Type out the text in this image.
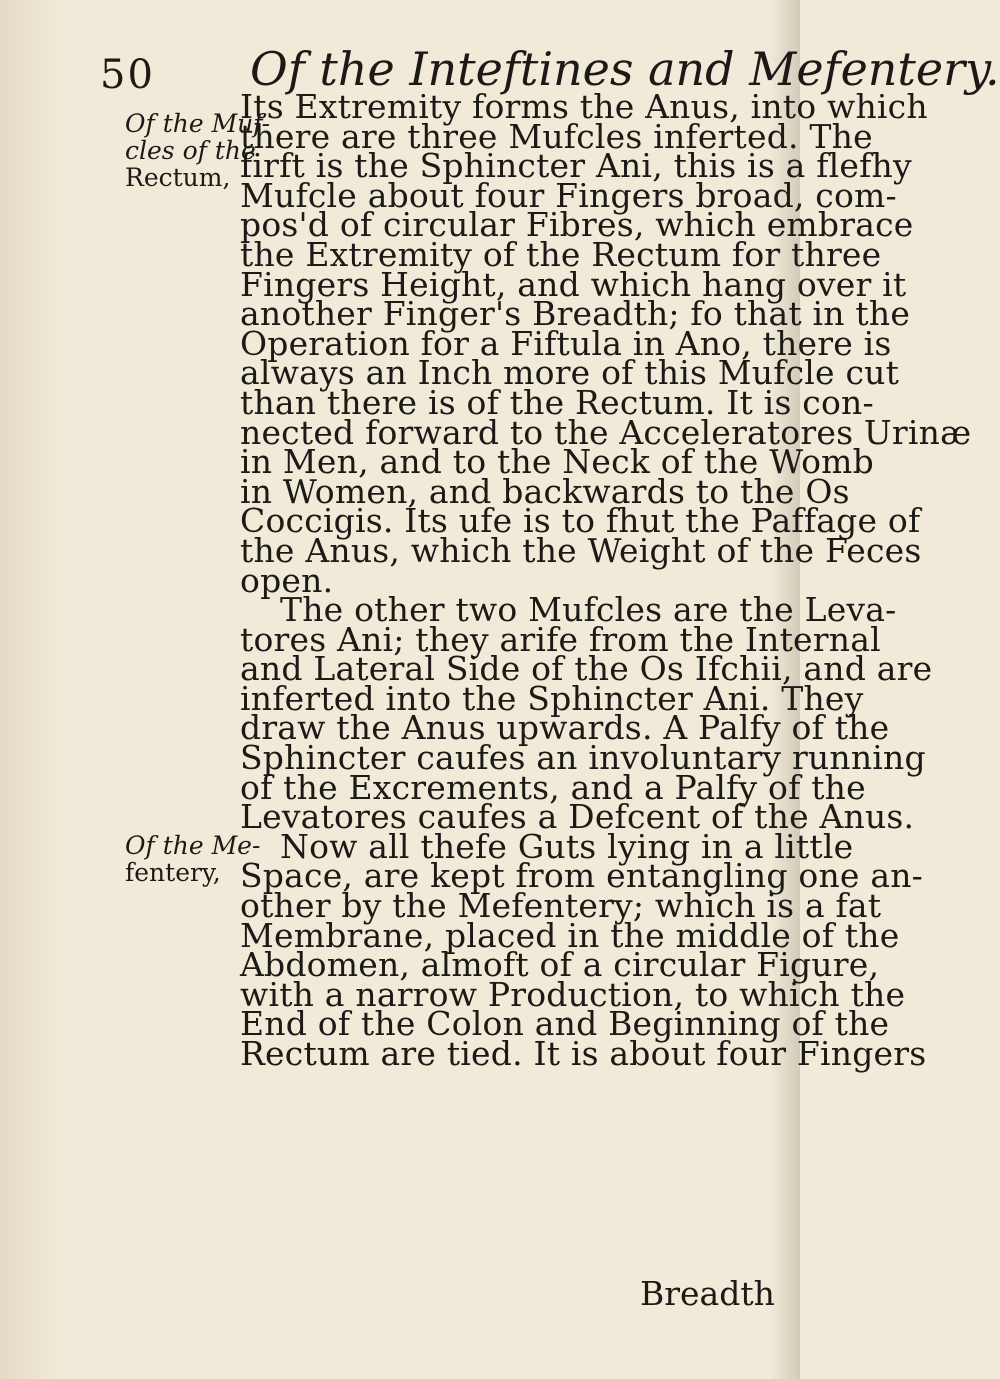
50 Of the Inteftines and Mefentery.
Of the Muf-
cles of the
Rectum,
Of the Me-
fentery,
Its Extremity forms the Anus, into which
there are three Mufcles inferted. The
firft is the Sphincter Ani, this is a flefhy
Mufcle about four Fingers broad, com-
pos'd of circular Fibres, which embrace
the Extremity of the Rectum for three
Fingers Height, and which hang over it
another Finger's Breadth; fo that in the
Operation for a Fiftula in Ano, there is
always an Inch more of this Mufcle cut
than there is of the Rectum. It is con-
nected forward to the Acceleratores Urinæ
in Men, and to the Neck of the Womb
in Women, and backwards to the Os
Coccigis. Its ufe is to fhut the Paffage of
the Anus, which the Weight of the Feces
open.
The other two Mufcles are the Leva-
tores Ani; they arife from the Internal
and Lateral Side of the Os Ifchii, and are
inferted into the Sphincter Ani. They
draw the Anus upwards. A Palfy of the
Sphincter caufes an involuntary running
of the Excrements, and a Palfy of the
Levatores caufes a Defcent of the Anus.
Now all thefe Guts lying in a little
Space, are kept from entangling one an-
other by the Mefentery; which is a fat
Membrane, placed in the middle of the
Abdomen, almoft of a circular Figure,
with a narrow Production, to which the
End of the Colon and Beginning of the
Rectum are tied. It is about four Fingers
Breadth
